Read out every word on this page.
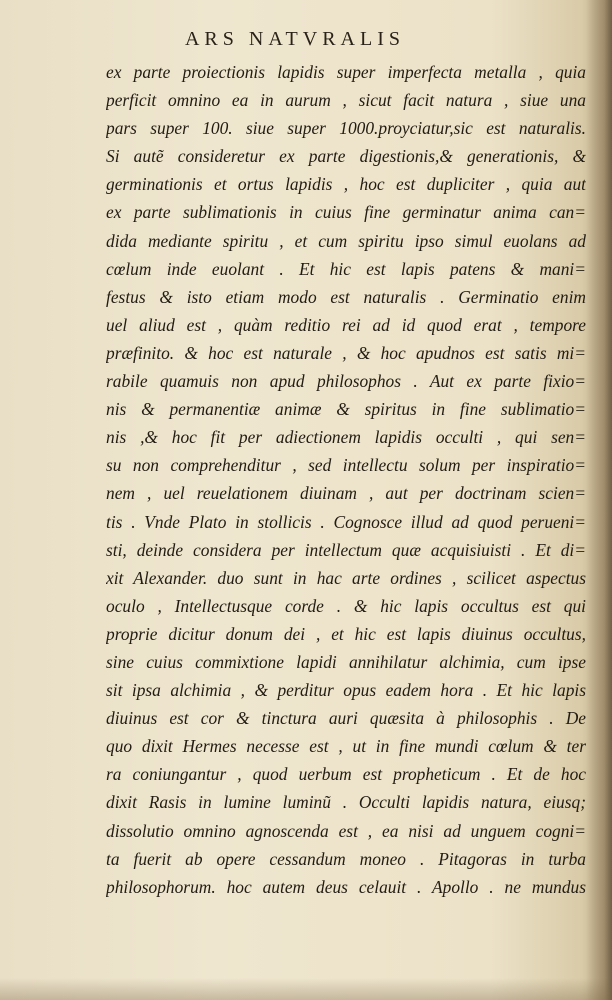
ARS NATVRALIS
ex parte proiectionis lapidis super imperfecta metalla , quia
perficit omnino ea in aurum , sicut facit natura , siue una
pars super 100. siue super 1000.proyciatur,sic est naturalis.
Si autẽ consideretur ex parte digestionis,& generationis, &
germinationis et ortus lapidis , hoc est dupliciter , quia aut
ex parte sublimationis in cuius fine germinatur anima can=
dida mediante spiritu , et cum spiritu ipso simul euolans ad
cœlum inde euolant . Et hic est lapis patens & mani=
festus & isto etiam modo est naturalis . Germinatio enim
uel aliud est , quàm reditio rei ad id quod erat , tempore
præfinito. & hoc est naturale , & hoc apudnos est satis mi=
rabile quamuis non apud philosophos . Aut ex parte fixio=
nis & permanentiæ animæ & spiritus in fine sublimatio=
nis ,& hoc fit per adiectionem lapidis occulti , qui sen=
su non comprehenditur , sed intellectu solum per inspiratio=
nem , uel reuelationem diuinam , aut per doctrinam scien=
tis . Vnde Plato in stollicis . Cognosce illud ad quod perueni=
sti, deinde considera per intellectum quæ acquisiuisti . Et di=
xit Alexander. duo sunt in hac arte ordines , scilicet aspectus
oculo , Intellectusque corde . & hic lapis occultus est qui
proprie dicitur donum dei , et hic est lapis diuinus occultus,
sine cuius commixtione lapidi annihilatur alchimia, cum ipse
sit ipsa alchimia , & perditur opus eadem hora . Et hic lapis
diuinus est cor & tinctura auri quæsita à philosophis . De
quo dixit Hermes necesse est , ut in fine mundi cœlum & ter
ra coniungantur , quod uerbum est propheticum . Et de hoc
dixit Rasis in lumine luminũ . Occulti lapidis natura, eiusq;
dissolutio omnino agnoscenda est , ea nisi ad unguem cogni=
ta fuerit ab opere cessandum moneo . Pitagoras in turba
philosophorum. hoc autem deus celauit . Apollo . ne mundus
